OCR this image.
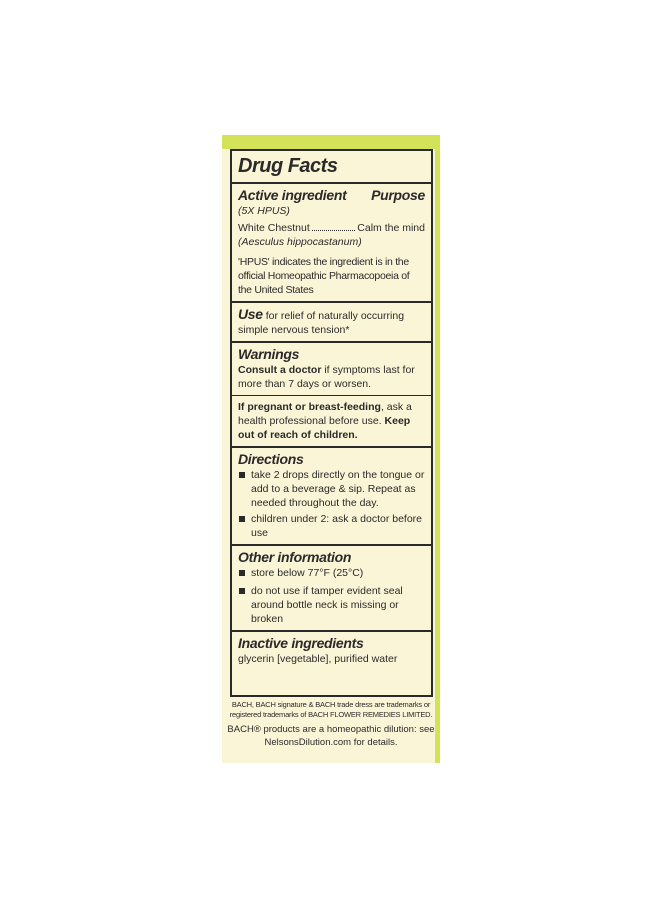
Drug Facts
Active ingredient Purpose
(5X HPUS)
White Chestnut	Calm the mind
(Aesculus hippocastanum)
'HPUS' indicates the ingredient is in the official Homeopathic Pharmacopoeia of the United States
Use for relief of naturally occurring simple nervous tension*
Warnings
Consult a doctor if symptoms last for more than 7 days or worsen.
If pregnant or breast-feeding, ask a health professional before use. Keep out of reach of children.
Directions
take 2 drops directly on the tongue or add to a beverage & sip. Repeat as needed throughout the day.
children under 2: ask a doctor before use
Other information
store below 77°F (25°C)
do not use if tamper evident seal around bottle neck is missing or broken
Inactive ingredients
glycerin [vegetable], purified water
BACH, BACH signature & BACH trade dress are trademarks or registered trademarks of BACH FLOWER REMEDIES LIMITED.
BACH® products are a homeopathic dilution: see NelsonsDilution.com for details.
